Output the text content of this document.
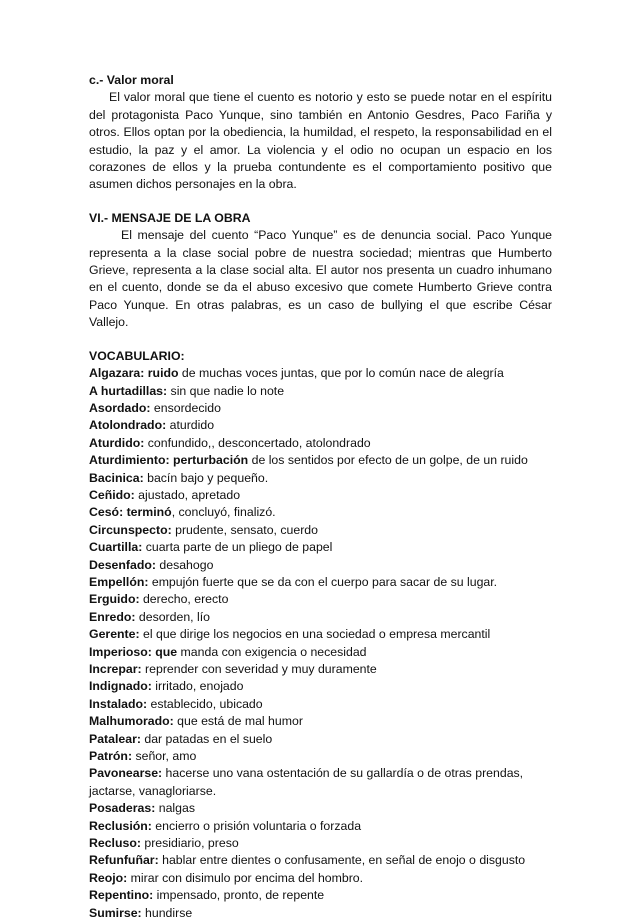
c.- Valor moral

El valor moral que tiene el cuento es notorio y esto se puede notar en el espíritu del protagonista Paco Yunque, sino también en Antonio Gesdres, Paco Fariña y otros. Ellos optan por la obediencia, la humildad, el respeto, la responsabilidad en el estudio, la paz y el amor. La violencia y el odio no ocupan un espacio en los corazones de ellos y la prueba contundente es el comportamiento positivo que asumen dichos personajes en la obra.

VI.- MENSAJE DE LA OBRA

El mensaje del cuento “Paco Yunque” es de denuncia social. Paco Yunque representa a la clase social pobre de nuestra sociedad; mientras que Humberto Grieve, representa a la clase social alta. El autor nos presenta un cuadro inhumano en el cuento, donde se da el abuso excesivo que comete Humberto Grieve contra Paco Yunque. En otras palabras, es un caso de bullying el que escribe César Vallejo.

VOCABULARIO:

Algazara: ruido de muchas voces juntas, que por lo común nace de alegría
A hurtadillas: sin que nadie lo note
Asordado: ensordecido
Atolondrado: aturdido
Aturdido: confundido,, desconcertado, atolondrado
Aturdimiento: perturbación de los sentidos por efecto de un golpe, de un ruido
Bacinica: bacín bajo y pequeño.
Ceñido: ajustado, apretado
Cesó: terminó, concluyó, finalizó.
Circunspecto: prudente, sensato, cuerdo
Cuartilla: cuarta parte de un pliego de papel
Desenfado: desahogo
Empellón: empujón fuerte que se da con el cuerpo para sacar de su lugar.
Erguido: derecho, erecto
Enredo: desorden, lío
Gerente: el que dirige los negocios en una sociedad o empresa mercantil
Imperioso: que manda con exigencia o necesidad
Increpar: reprender con severidad y muy duramente
Indignado: irritado, enojado
Instalado: establecido, ubicado
Malhumorado: que está de mal humor
Patalear: dar patadas en el suelo
Patrón: señor, amo
Pavonearse: hacerse uno vana ostentación de su gallardía o de otras prendas, jactarse, vanagloriarse.
Posaderas: nalgas
Reclusión: encierro o prisión voluntaria o forzada
Recluso: presidiario, preso
Refunfuñar: hablar entre dientes o confusamente, en señal de enojo o disgusto
Reojo: mirar con disimulo por encima del hombro.
Repentino: impensado, pronto, de repente
Sumirse: hundirse
